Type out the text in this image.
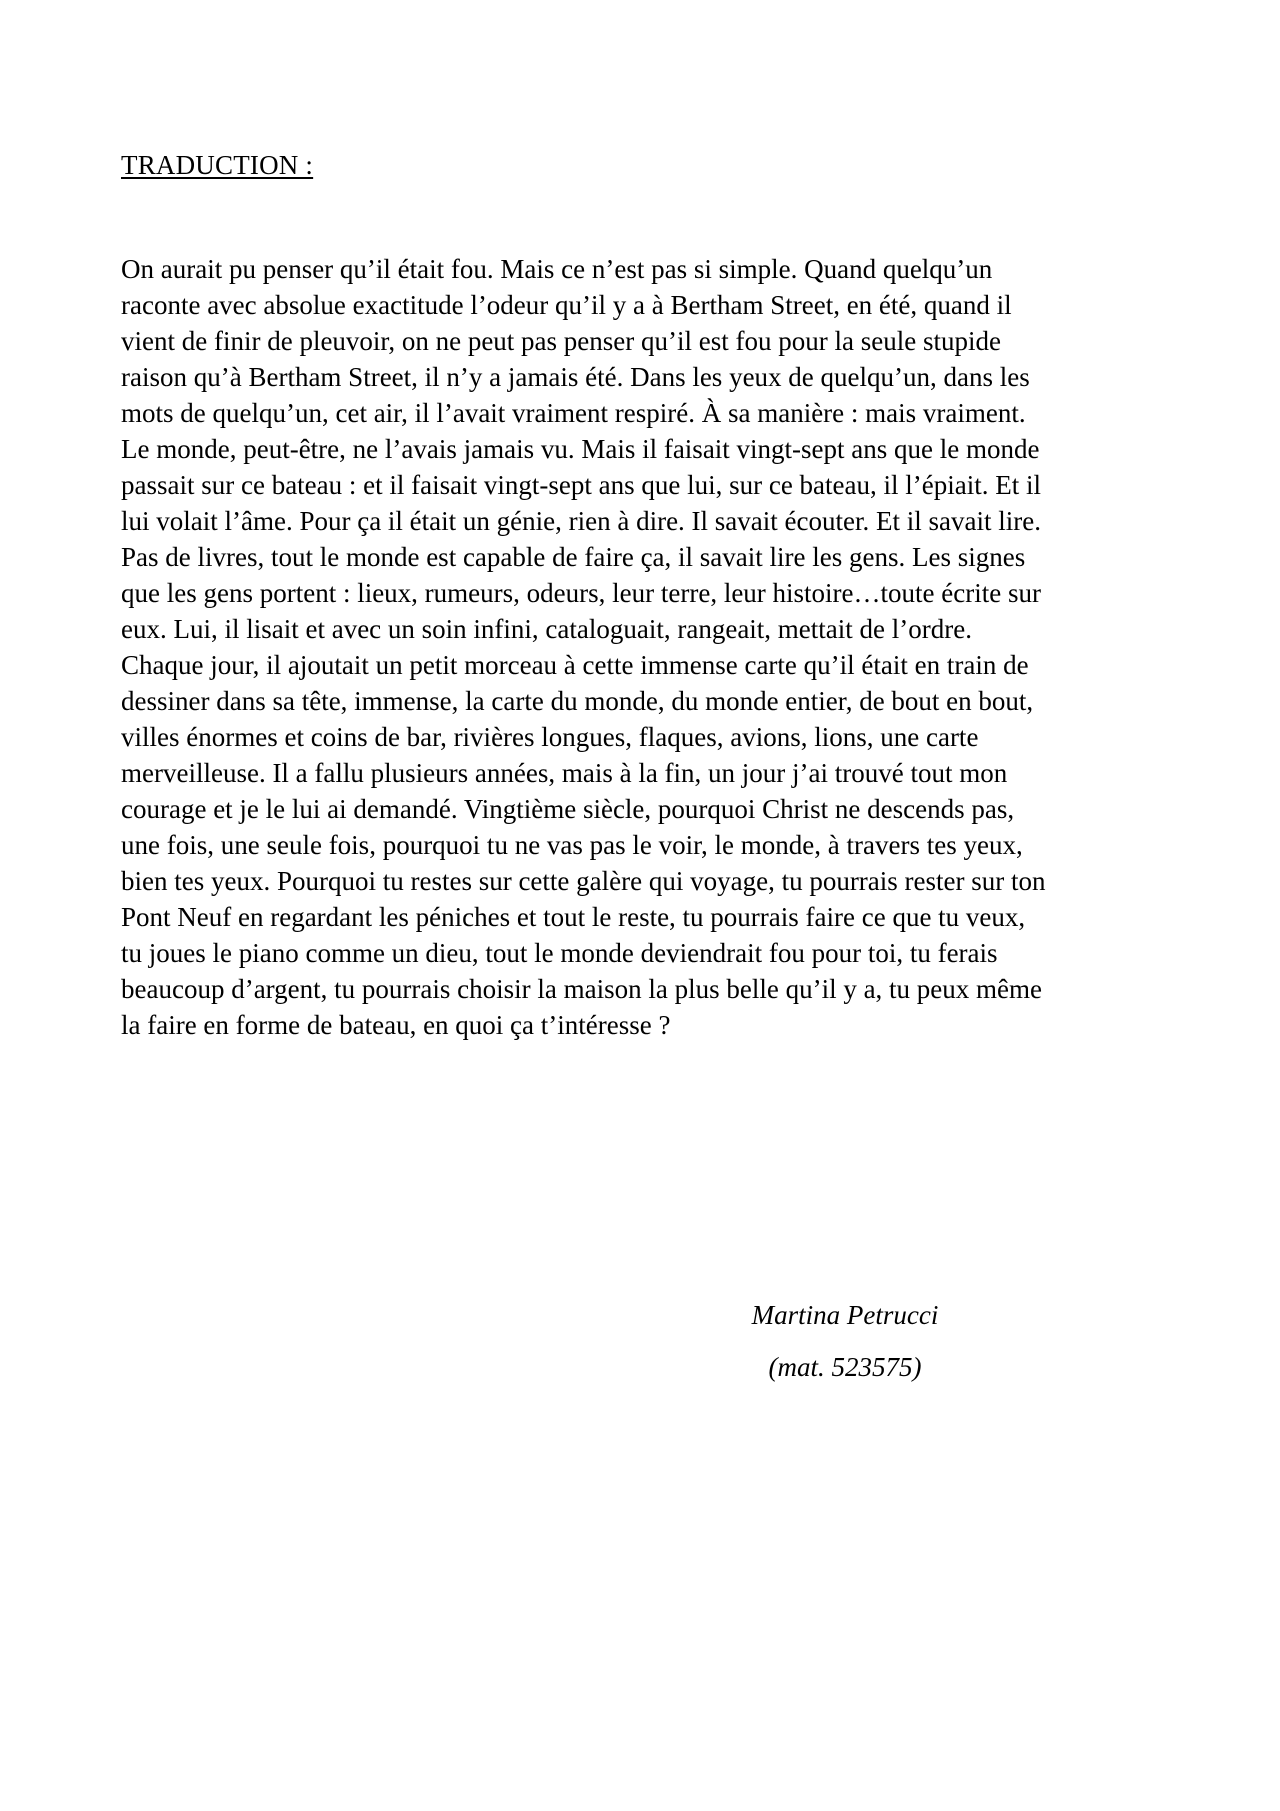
TRADUCTION :
On aurait pu penser qu’il était fou. Mais ce n’est pas si simple. Quand quelqu’un
raconte avec absolue exactitude l’odeur qu’il y a à Bertham Street, en été, quand il
vient de finir de pleuvoir, on ne peut pas penser qu’il est fou pour la seule stupide
raison qu’à Bertham Street, il n’y a jamais été. Dans les yeux de quelqu’un, dans les
mots de quelqu’un, cet air, il l’avait vraiment respiré. À sa manière : mais vraiment.
Le monde, peut-être, ne l’avais jamais vu. Mais il faisait vingt-sept ans que le monde
passait sur ce bateau : et il faisait vingt-sept ans que lui, sur ce bateau, il l’épiait. Et il
lui volait l’âme. Pour ça il était un génie, rien à dire. Il savait écouter. Et il savait lire.
Pas de livres, tout le monde est capable de faire ça, il savait lire les gens. Les signes
que les gens portent : lieux, rumeurs, odeurs, leur terre, leur histoire…toute écrite sur
eux. Lui, il lisait et avec un soin infini, cataloguait, rangeait, mettait de l’ordre.
Chaque jour, il ajoutait un petit morceau à cette immense carte qu’il était en train de
dessiner dans sa tête, immense, la carte du monde, du monde entier, de bout en bout,
villes énormes et coins de bar, rivières longues, flaques, avions, lions, une carte
merveilleuse. Il a fallu plusieurs années, mais à la fin, un jour j’ai trouvé tout mon
courage et je le lui ai demandé. Vingtième siècle, pourquoi Christ ne descends pas,
une fois, une seule fois, pourquoi tu ne vas pas le voir, le monde, à travers tes yeux,
bien tes yeux. Pourquoi tu restes sur cette galère qui voyage, tu pourrais rester sur ton
Pont Neuf en regardant les péniches et tout le reste, tu pourrais faire ce que tu veux,
tu joues le piano comme un dieu, tout le monde deviendrait fou pour toi, tu ferais
beaucoup d’argent, tu pourrais choisir la maison la plus belle qu’il y a, tu peux même
la faire en forme de bateau, en quoi ça t’intéresse ?
Martina Petrucci
(mat. 523575)
